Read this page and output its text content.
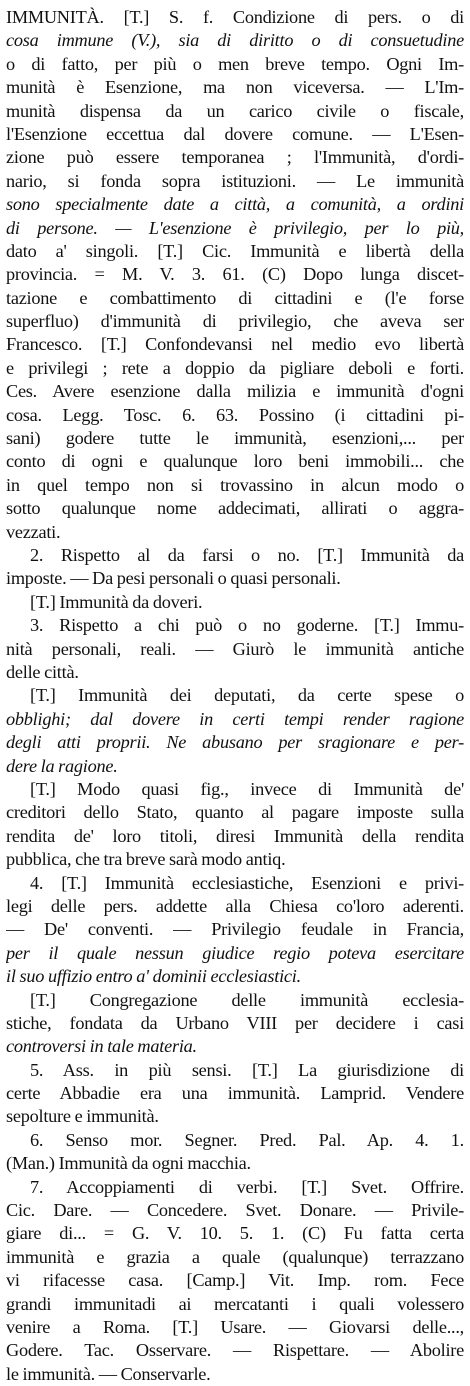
IMMUNITÀ. [T.] S. f. Condizione di pers. o di
cosa immune (V.), sia di diritto o di consuetudine
o di fatto, per più o men breve tempo. Ogni Im-
munità è Esenzione, ma non viceversa. — L'Im-
munità dispensa da un carico civile o fiscale,
l'Esenzione eccettua dal dovere comune. — L'Esen-
zione può essere temporanea ; l'Immunità, d'ordi-
nario, si fonda sopra istituzioni. — Le immunità
sono specialmente date a città, a comunità, a ordini
di persone. — L'esenzione è privilegio, per lo più,
dato a' singoli. [T.] Cic. Immunità e libertà della
provincia. = M. V. 3. 61. (C) Dopo lunga discet-
tazione e combattimento di cittadini e (l'e forse
superfluo) d'immunità di privilegio, che aveva ser
Francesco. [T.] Confondevansi nel medio evo libertà
e privilegi ; rete a doppio da pigliare deboli e forti.
Ces. Avere esenzione dalla milizia e immunità d'ogni
cosa. Legg. Tosc. 6. 63. Possino (i cittadini pi-
sani) godere tutte le immunità, esenzioni,... per
conto di ogni e qualunque loro beni immobili... che
in quel tempo non si trovassino in alcun modo o
sotto qualunque nome addecimati, allirati o aggra-
vezzati.
2. Rispetto al da farsi o no. [T.] Immunità da
imposte. — Da pesi personali o quasi personali.
[T.] Immunità da doveri.
3. Rispetto a chi può o no goderne. [T.] Immu-
nità personali, reali. — Giurò le immunità antiche
delle città.
[T.] Immunità dei deputati, da certe spese o
obblighi; dal dovere in certi tempi render ragione
degli atti proprii. Ne abusano per sragionare e per-
dere la ragione.
[T.] Modo quasi fig., invece di Immunità de'
creditori dello Stato, quanto al pagare imposte sulla
rendita de' loro titoli, diresi Immunità della rendita
pubblica, che tra breve sarà modo antiq.
4. [T.] Immunità ecclesiastiche, Esenzioni e privi-
legi delle pers. addette alla Chiesa co'loro aderenti.
— De' conventi. — Privilegio feudale in Francia,
per il quale nessun giudice regio poteva esercitare
il suo uffizio entro a' dominii ecclesiastici.
[T.] Congregazione delle immunità ecclesia-
stiche, fondata da Urbano VIII per decidere i casi
controversi in tale materia.
5. Ass. in più sensi. [T.] La giurisdizione di
certe Abbadie era una immunità. Lamprid. Vendere
sepolture e immunità.
6. Senso mor. Segner. Pred. Pal. Ap. 4. 1.
(Man.) Immunità da ogni macchia.
7. Accoppiamenti di verbi. [T.] Svet. Offrire.
Cic. Dare. — Concedere. Svet. Donare. — Privile-
giare di... = G. V. 10. 5. 1. (C) Fu fatta certa
immunità e grazia a quale (qualunque) terrazzano
vi rifacesse casa. [Camp.] Vit. Imp. rom. Fece
grandi immunitadi ai mercatanti i quali volessero
venire a Roma. [T.] Usare. — Giovarsi delle...,
Godere. Tac. Osservare. — Rispettare. — Abolire
le immunità. — Conservarle.
